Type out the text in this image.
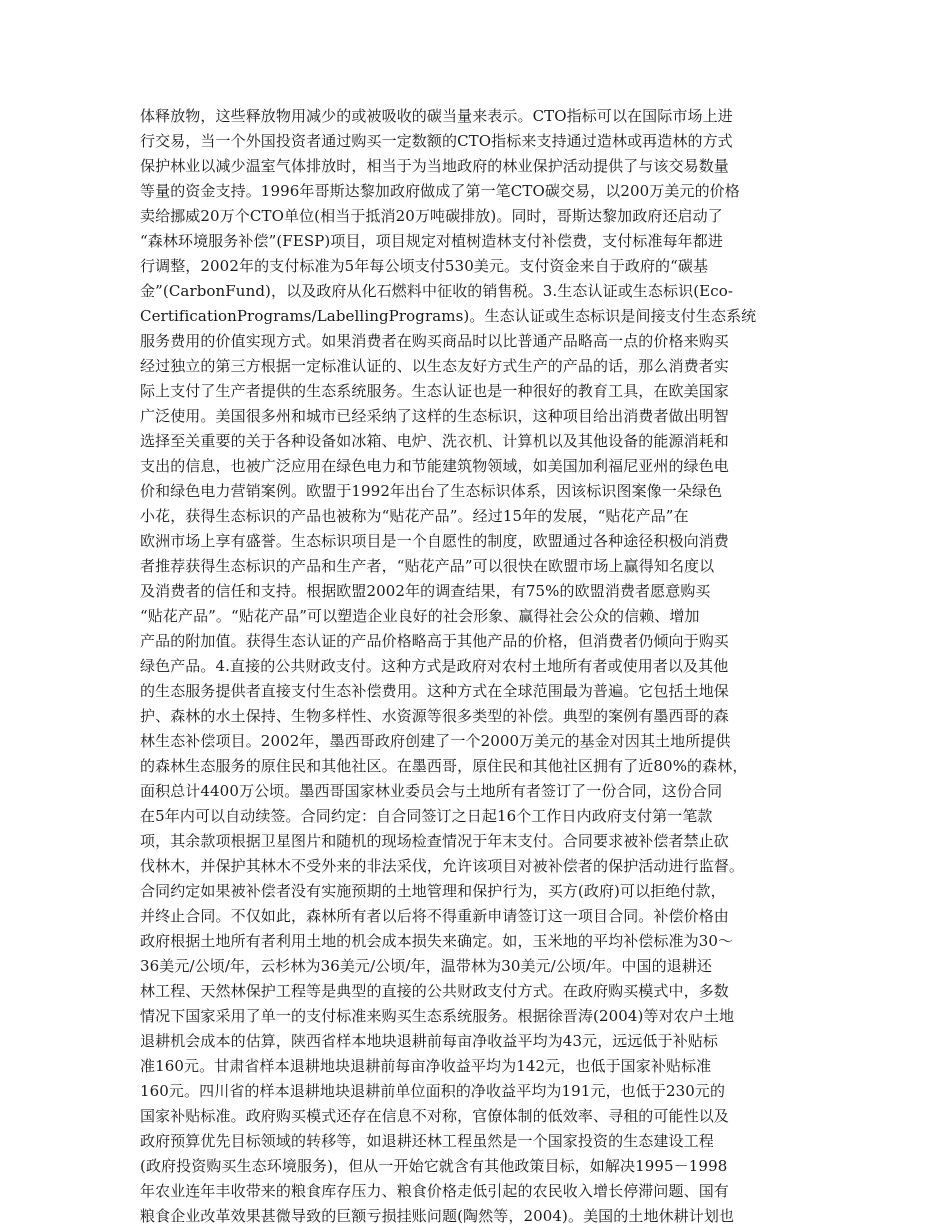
体释放物，这些释放物用减少的或被吸收的碳当量来表示。CTO指标可以在国际市场上进
行交易，当一个外国投资者通过购买一定数额的CTO指标来支持通过造林或再造林的方式
保护林业以减少温室气体排放时，相当于为当地政府的林业保护活动提供了与该交易数量
等量的资金支持。1996年哥斯达黎加政府做成了第一笔CTO碳交易，以200万美元的价格
卖给挪威20万个CTO单位(相当于抵消20万吨碳排放)。同时，哥斯达黎加政府还启动了
“森林环境服务补偿”(FESP)项目，项目规定对植树造林支付补偿费，支付标准每年都进
行调整，2002年的支付标准为5年每公顷支付530美元。支付资金来自于政府的“碳基
金”(CarbonFund)，以及政府从化石燃料中征收的销售税。3.生态认证或生态标识(Eco-
CertificationPrograms/LabellingPrograms)。生态认证或生态标识是间接支付生态系统
服务费用的价值实现方式。如果消费者在购买商品时以比普通产品略高一点的价格来购买
经过独立的第三方根据一定标准认证的、以生态友好方式生产的产品的话，那么消费者实
际上支付了生产者提供的生态系统服务。生态认证也是一种很好的教育工具，在欧美国家
广泛使用。美国很多州和城市已经采纳了这样的生态标识，这种项目给出消费者做出明智
选择至关重要的关于各种设备如冰箱、电炉、洗衣机、计算机以及其他设备的能源消耗和
支出的信息，也被广泛应用在绿色电力和节能建筑物领域，如美国加利福尼亚州的绿色电
价和绿色电力营销案例。欧盟于1992年出台了生态标识体系，因该标识图案像一朵绿色
小花，获得生态标识的产品也被称为“贴花产品”。经过15年的发展，“贴花产品”在
欧洲市场上享有盛誉。生态标识项目是一个自愿性的制度，欧盟通过各种途径积极向消费
者推荐获得生态标识的产品和生产者，“贴花产品”可以很快在欧盟市场上赢得知名度以
及消费者的信任和支持。根据欧盟2002年的调查结果，有75%的欧盟消费者愿意购买
“贴花产品”。“贴花产品”可以塑造企业良好的社会形象、赢得社会公众的信赖、增加
产品的附加值。获得生态认证的产品价格略高于其他产品的价格，但消费者仍倾向于购买
绿色产品。4.直接的公共财政支付。这种方式是政府对农村土地所有者或使用者以及其他
的生态服务提供者直接支付生态补偿费用。这种方式在全球范围最为普遍。它包括土地保
护、森林的水土保持、生物多样性、水资源等很多类型的补偿。典型的案例有墨西哥的森
林生态补偿项目。2002年，墨西哥政府创建了一个2000万美元的基金对因其土地所提供
的森林生态服务的原住民和其他社区。在墨西哥，原住民和其他社区拥有了近80%的森林，
面积总计4400万公顷。墨西哥国家林业委员会与土地所有者签订了一份合同，这份合同
在5年内可以自动续签。合同约定：自合同签订之日起16个工作日内政府支付第一笔款
项，其余款项根据卫星图片和随机的现场检查情况于年末支付。合同要求被补偿者禁止砍
伐林木，并保护其林木不受外来的非法采伐，允许该项目对被补偿者的保护活动进行监督。
合同约定如果被补偿者没有实施预期的土地管理和保护行为，买方(政府)可以拒绝付款，
并终止合同。不仅如此，森林所有者以后将不得重新申请签订这一项目合同。补偿价格由
政府根据土地所有者利用土地的机会成本损失来确定。如，玉米地的平均补偿标准为30～
36美元/公顷/年，云杉林为36美元/公顷/年，温带林为30美元/公顷/年。中国的退耕还
林工程、天然林保护工程等是典型的直接的公共财政支付方式。在政府购买模式中，多数
情况下国家采用了单一的支付标准来购买生态系统服务。根据徐晋涛(2004)等对农户土地
退耕机会成本的估算，陕西省样本地块退耕前每亩净收益平均为43元，远远低于补贴标
准160元。甘肃省样本退耕地块退耕前每亩净收益平均为142元，也低于国家补贴标准
160元。四川省的样本退耕地块退耕前单位面积的净收益平均为191元，也低于230元的
国家补贴标准。政府购买模式还存在信息不对称，官僚体制的低效率、寻租的可能性以及
政府预算优先目标领域的转移等，如退耕还林工程虽然是一个国家投资的生态建设工程
(政府投资购买生态环境服务)，但从一开始它就含有其他政策目标，如解决1995－1998
年农业连年丰收带来的粮食库存压力、粮食价格走低引起的农民收入增长停滞问题、国有
粮食企业改革效果甚微导致的巨额亏损挂账问题(陶然等，2004)。美国的土地休耕计划也
